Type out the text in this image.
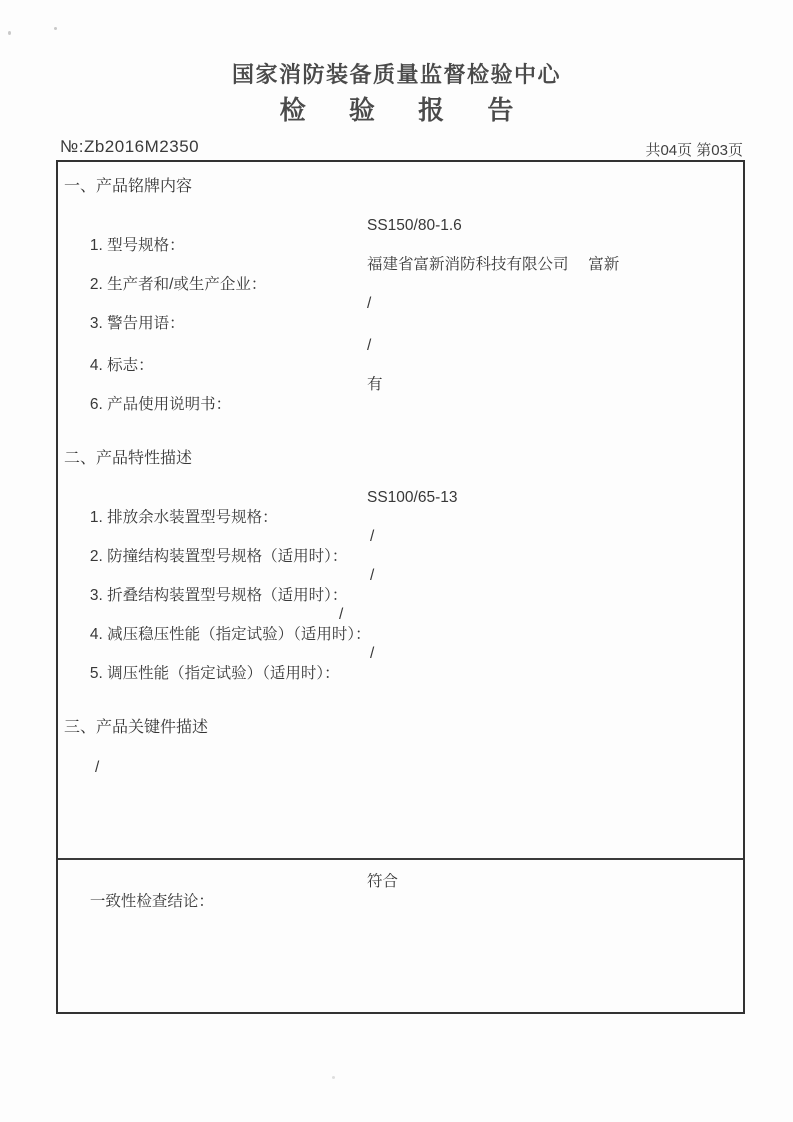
国家消防装备质量监督检验中心
检 验 报 告
№:Zb2016M2350	共04页 第03页
一、产品铭牌内容

1. 型号规格：

SS150/80-1.6

2. 生产者和/或生产企业：

福建省富新消防科技有限公司　 富新

3. 警告用语：

/

4. 标志：

/

6. 产品使用说明书：

有

二、产品特性描述

1. 排放余水装置型号规格：

SS100/65-13

2. 防撞结构装置型号规格（适用时）：

/

3. 折叠结构装置型号规格（适用时）：

/

4. 减压稳压性能（指定试验）（适用时）：

/

5. 调压性能（指定试验）（适用时）：

/

三、产品关键件描述
/

一致性检查结论：

符合
